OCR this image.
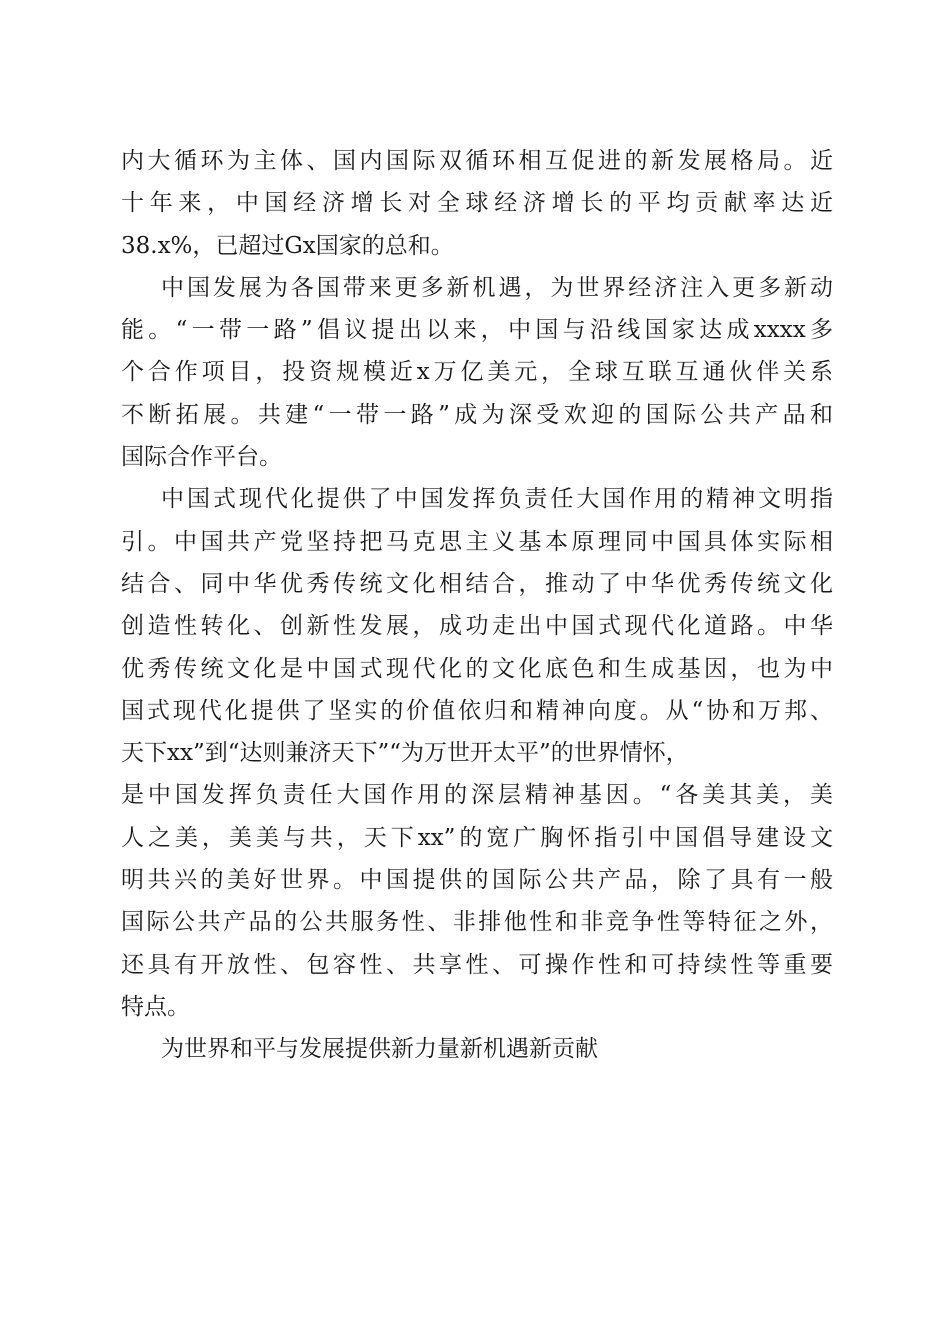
内大循环为主体、国内国际双循环相互促进的新发展格局。近
十年来，中国经济增长对全球经济增长的平均贡献率达近
38.x%，已超过Gx国家的总和。
中国发展为各国带来更多新机遇，为世界经济注入更多新动
能。“一带一路”倡议提出以来，中国与沿线国家达成xxxx多
个合作项目，投资规模近x万亿美元，全球互联互通伙伴关系
不断拓展。共建“一带一路”成为深受欢迎的国际公共产品和
国际合作平台。
中国式现代化提供了中国发挥负责任大国作用的精神文明指
引。中国共产党坚持把马克思主义基本原理同中国具体实际相
结合、同中华优秀传统文化相结合，推动了中华优秀传统文化
创造性转化、创新性发展，成功走出中国式现代化道路。中华
优秀传统文化是中国式现代化的文化底色和生成基因，也为中
国式现代化提供了坚实的价值依归和精神向度。从“协和万邦、
天下xx”到“达则兼济天下”“为万世开太平”的世界情怀，
是中国发挥负责任大国作用的深层精神基因。“各美其美，美
人之美，美美与共，天下xx”的宽广胸怀指引中国倡导建设文
明共兴的美好世界。中国提供的国际公共产品，除了具有一般
国际公共产品的公共服务性、非排他性和非竞争性等特征之外，
还具有开放性、包容性、共享性、可操作性和可持续性等重要
特点。
为世界和平与发展提供新力量新机遇新贡献
